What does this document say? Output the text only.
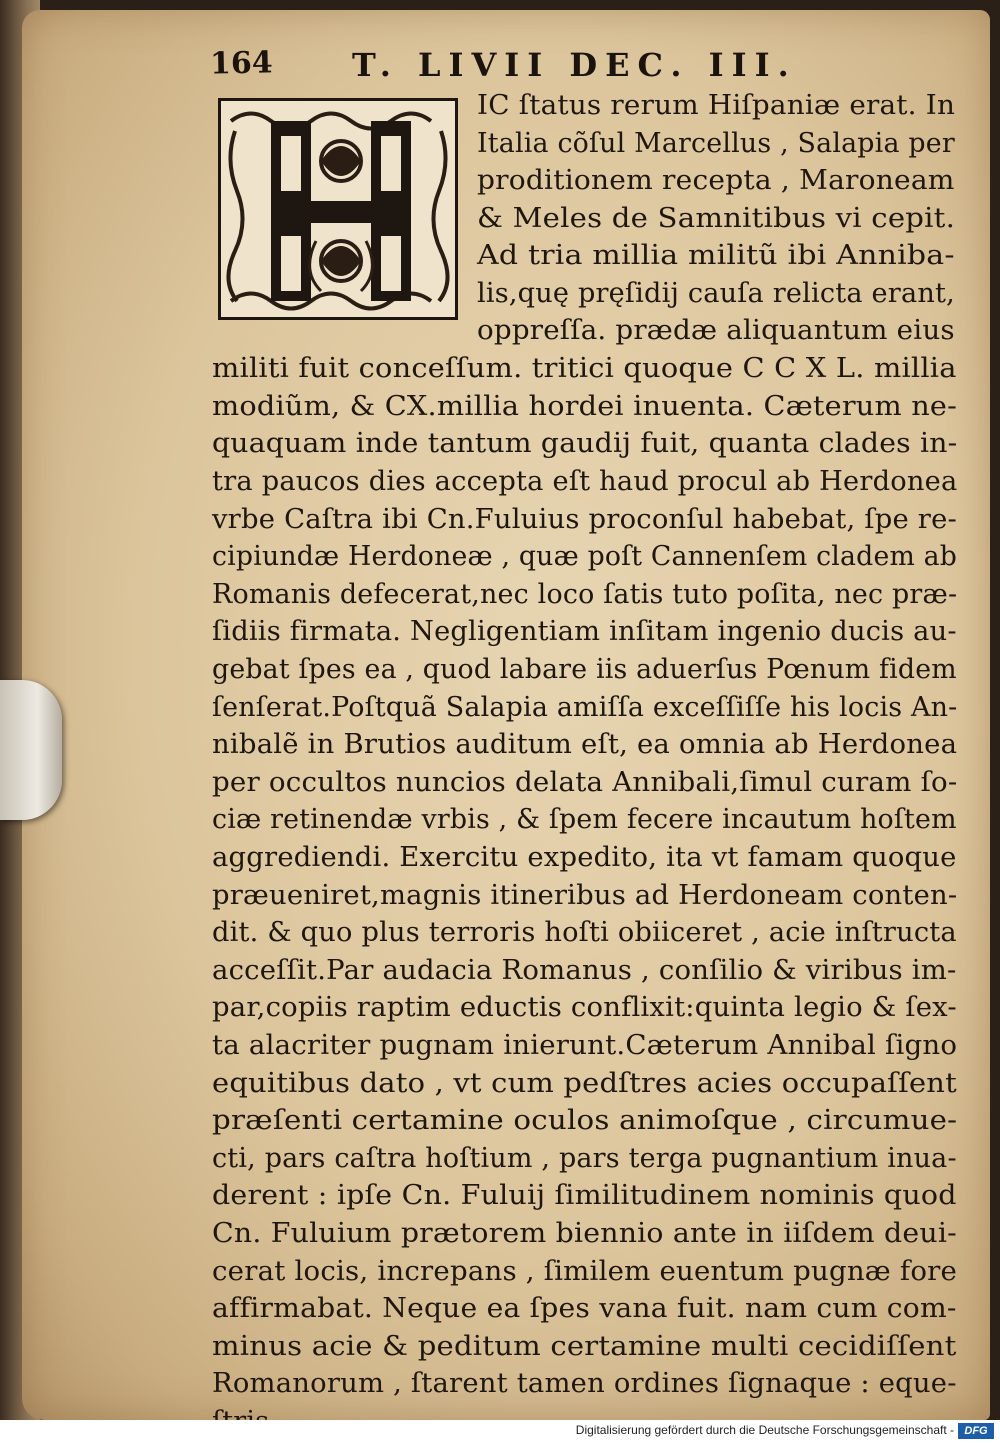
164 T. LIVII DEC. III.
IC ſtatus rerum Hiſpaniæ erat. In
Italia cõſul Marcellus , Salapia per
proditionem recepta , Maroneam
& Meles de Samnitibus vi cepit.
Ad tria millia militũ ibi Anniba-
lis,quę pręſidij cauſa relicta erant,
oppreſſa. prædæ aliquantum eius
militi fuit conceſſum. tritici quoque C C X L. millia
modiũm, & CX.millia hordei inuenta. Cæterum ne-
quaquam inde tantum gaudij fuit, quanta clades in-
tra paucos dies accepta eſt haud procul ab Herdonea
vrbe Caſtra ibi Cn.Fuluius proconſul habebat, ſpe re-
cipiundæ Herdoneæ , quæ poſt Cannenſem cladem ab
Romanis defecerat,nec loco ſatis tuto poſita, nec præ-
ſidiis firmata. Negligentiam inſitam ingenio ducis au-
gebat ſpes ea , quod labare iis aduerſus Pœnum fidem
ſenſerat.Poſtquã Salapia amiſſa exceſſiſſe his locis An-
nibalẽ in Brutios auditum eſt, ea omnia ab Herdonea
per occultos nuncios delata Annibali,ſimul curam ſo-
ciæ retinendæ vrbis , & ſpem fecere incautum hoſtem
aggrediendi. Exercitu expedito, ita vt famam quoque
præueniret,magnis itineribus ad Herdoneam conten-
dit. & quo plus terroris hoſti obiiceret , acie inſtructa
acceſſit.Par audacia Romanus , conſilio & viribus im-
par,copiis raptim eductis conflixit:quinta legio & ſex-
ta alacriter pugnam inierunt.Cæterum Annibal ſigno
equitibus dato , vt cum pedſtres acies occupaſſent
præſenti certamine oculos animoſque , circumue-
cti, pars caſtra hoſtium , pars terga pugnantium inua-
derent : ipſe Cn. Fuluij ſimilitudinem nominis quod
Cn. Fuluium prætorem biennio ante in iiſdem deui-
cerat locis, increpans , ſimilem euentum pugnæ fore
affirmabat. Neque ea ſpes vana fuit. nam cum com-
minus acie & peditum certamine multi cecidiſſent
Romanorum , ſtarent tamen ordines ſignaque : eque-
Digitalisierung gefördert durch die Deutsche Forschungsgemeinschaft - DFG
